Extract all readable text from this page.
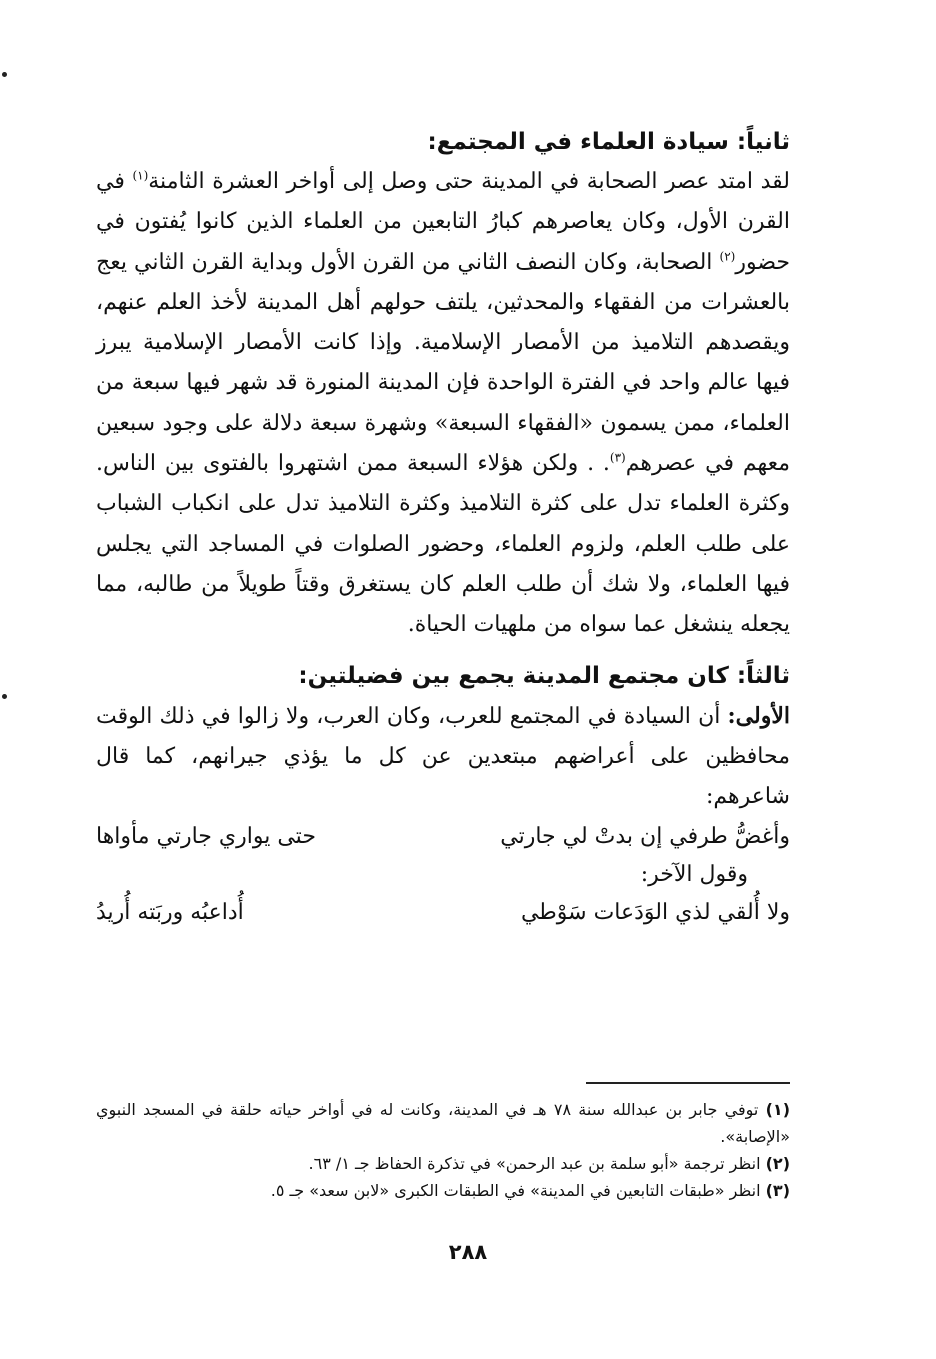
ثانياً: سيادة العلماء في المجتمع:

لقد امتد عصر الصحابة في المدينة حتى وصل إلى أواخر العشرة الثامنة$^{(١)}$ في القرن الأول، وكان يعاصرهم كبارُ التابعين من العلماء الذين كانوا يُفتون في حضور$^{(٢)}$ الصحابة، وكان النصف الثاني من القرن الأول وبداية القرن الثاني يعج بالعشرات من الفقهاء والمحدثين، يلتف حولهم أهل المدينة لأخذ العلم عنهم، ويقصدهم التلاميذ من الأمصار الإسلامية. وإذا كانت الأمصار الإسلامية يبرز فيها عالم واحد في الفترة الواحدة فإن المدينة المنورة قد شهر فيها سبعة من العلماء، ممن يسمون «الفقهاء السبعة» وشهرة سبعة دلالة على وجود سبعين معهم في عصرهم$^{(٣)}$. . ولكن هؤلاء السبعة ممن اشتهروا بالفتوى بين الناس. وكثرة العلماء تدل على كثرة التلاميذ وكثرة التلاميذ تدل على انكباب الشباب على طلب العلم، ولزوم العلماء، وحضور الصلوات في المساجد التي يجلس فيها العلماء، ولا شك أن طلب العلم كان يستغرق وقتاً طويلاً من طالبه، مما يجعله ينشغل عما سواه من ملهيات الحياة.

ثالثاً: كان مجتمع المدينة يجمع بين فضيلتين:

الأولى: أن السيادة في المجتمع للعرب، وكان العرب، ولا زالوا في ذلك الوقت محافظين على أعراضهم مبتعدين عن كل ما يؤذي جيرانهم، كما قال شاعرهم:

وأغضُّ طرفي إن بدتْ لي جارتي
حتى يواري جارتي مأواها

وقول الآخر:

ولا أُلقي لذي الوَدَعات سَوْطي
أُداعبُه وربَته أُريدُ

(١) توفي جابر بن عبدالله سنة ٧٨ هـ في المدينة، وكانت له في أواخر حياته حلقة في المسجد النبوي «الإصابة».

(٢) انظر ترجمة «أبو سلمة بن عبد الرحمن» في تذكرة الحفاظ جـ ١/ ٦٣.

(٣) انظر «طبقات التابعين في المدينة» في الطبقات الكبرى «لابن سعد» جـ ٥.

٢٨٨
